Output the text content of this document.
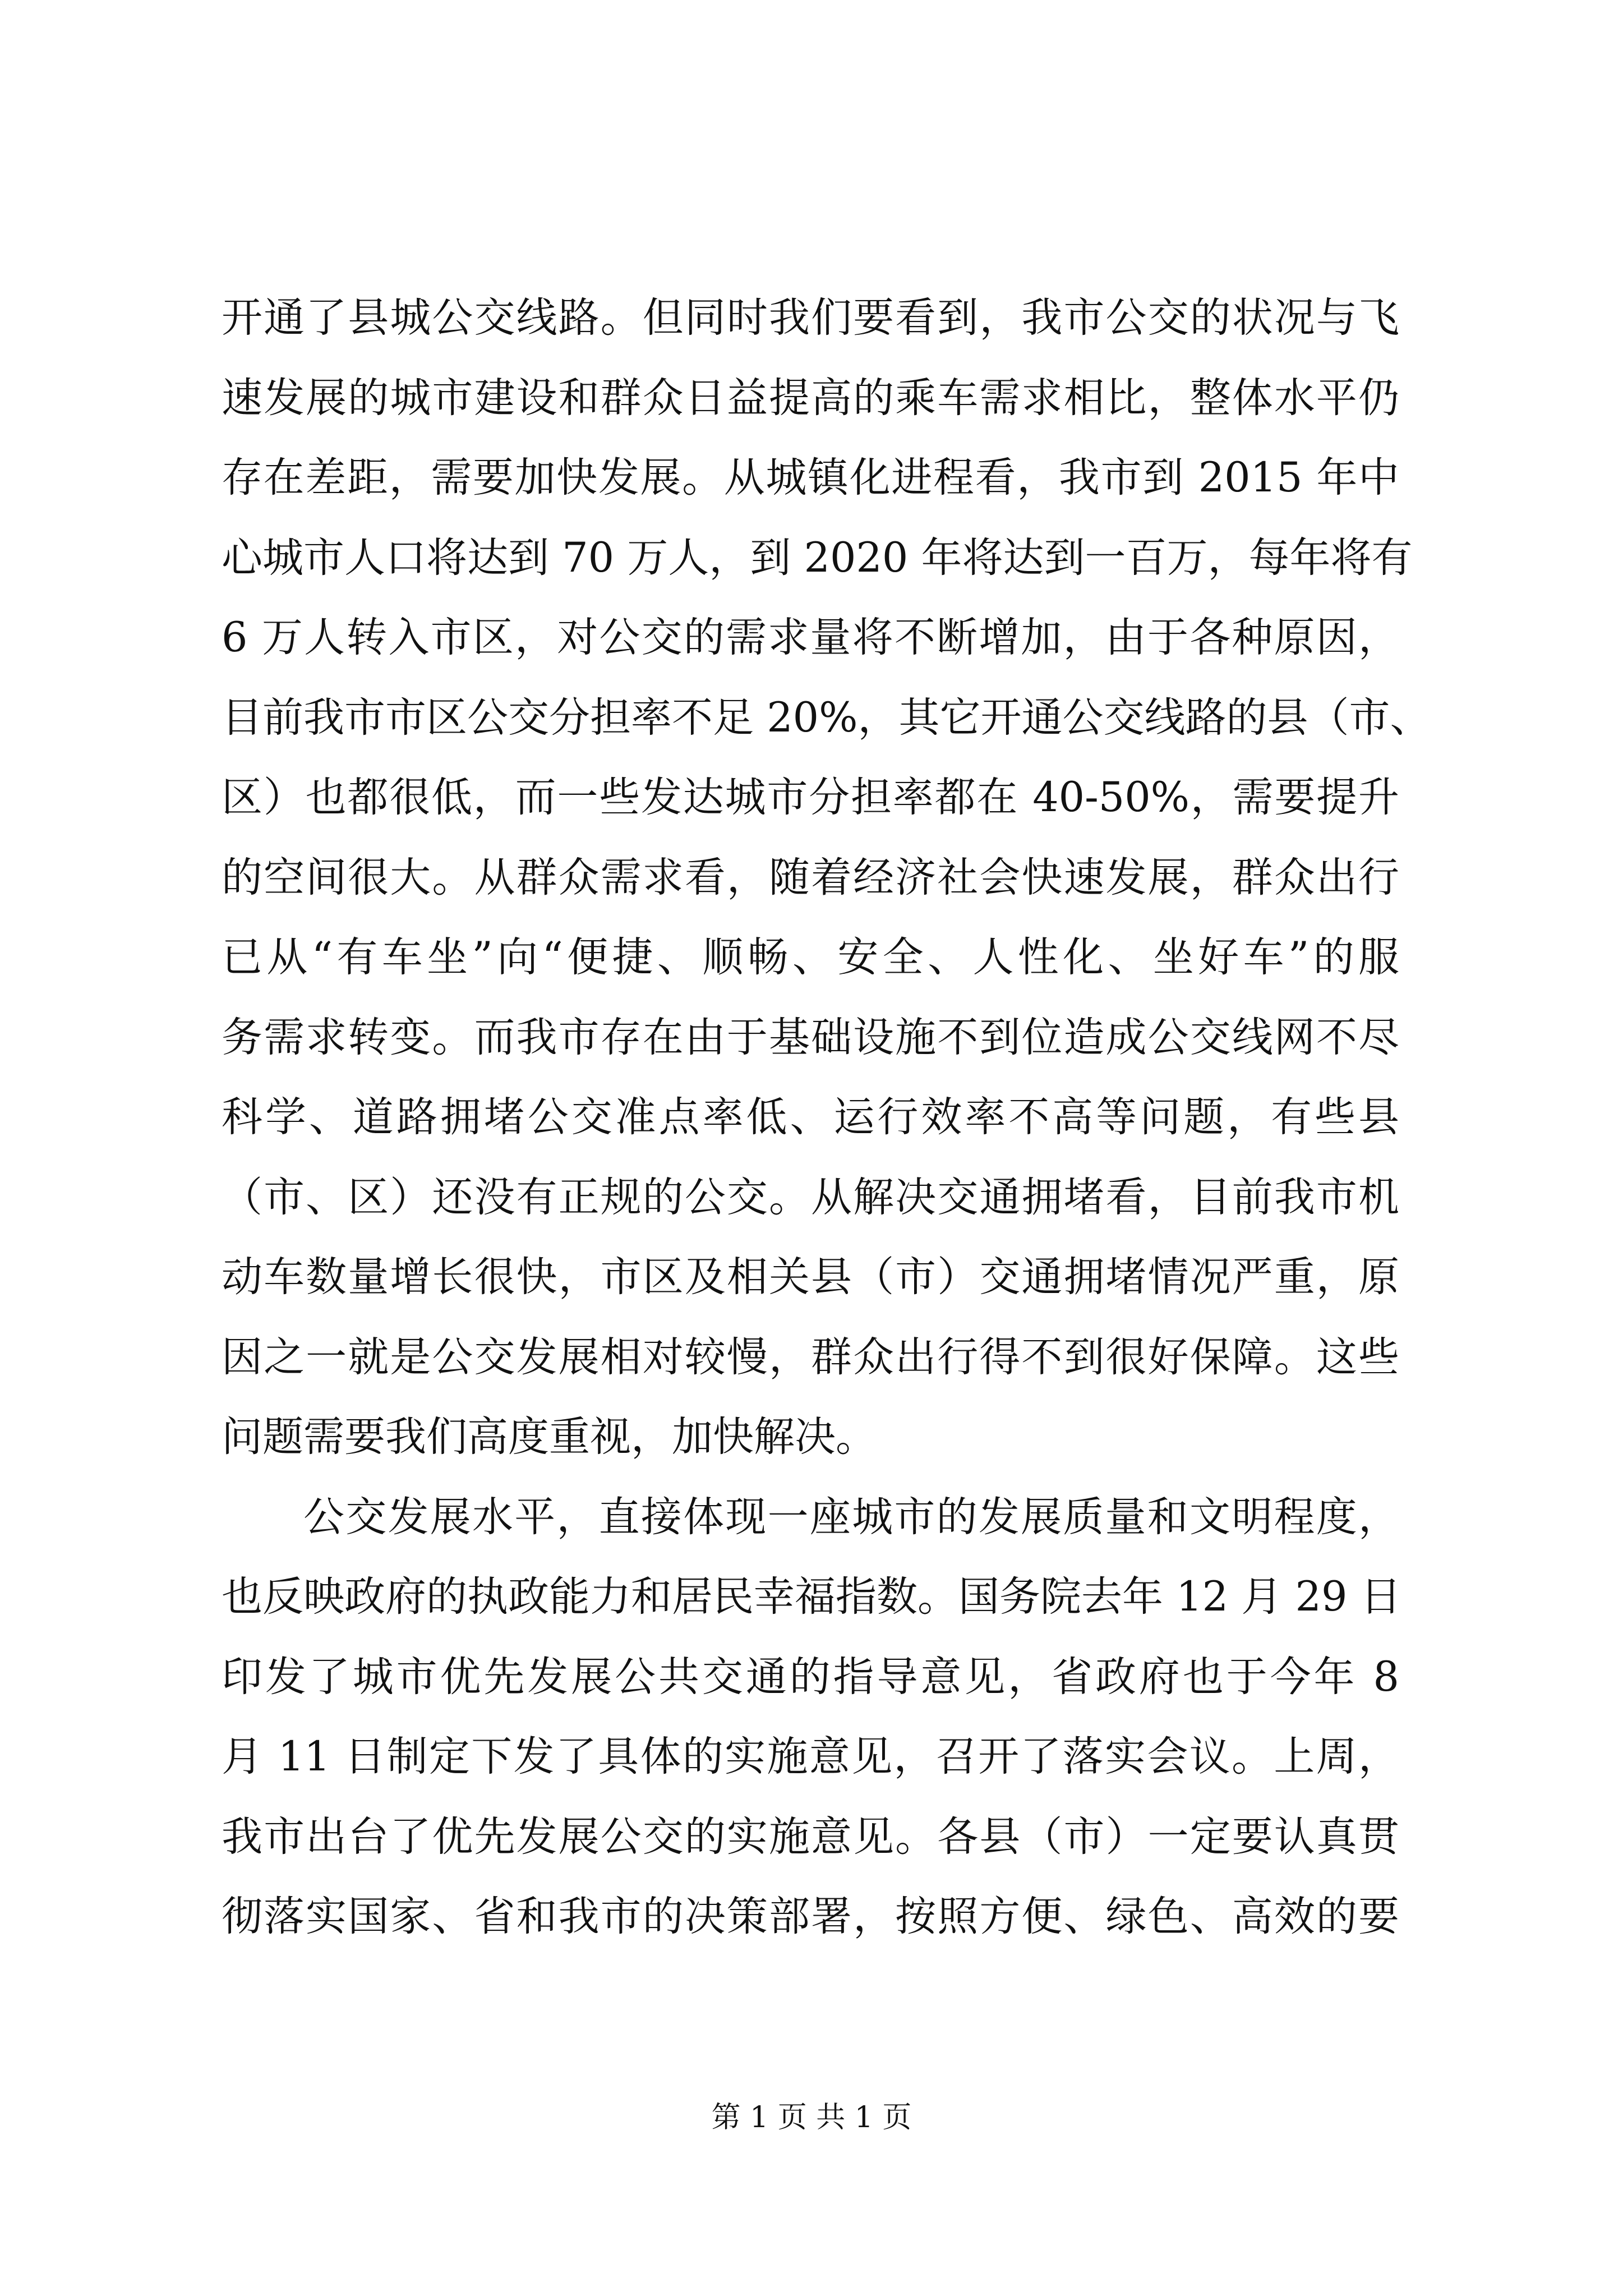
开通了县城公交线路。但同时我们要看到，我市公交的状况与飞
速发展的城市建设和群众日益提高的乘车需求相比，整体水平仍
存在差距，需要加快发展。从城镇化进程看，我市到 2015 年中
心城市人口将达到 70 万人，到 2020 年将达到一百万，每年将有
6 万人转入市区，对公交的需求量将不断增加，由于各种原因，
目前我市市区公交分担率不足 20%，其它开通公交线路的县（市、
区）也都很低，而一些发达城市分担率都在 40-50%，需要提升
的空间很大。从群众需求看，随着经济社会快速发展，群众出行
已从“有车坐”向“便捷、顺畅、安全、人性化、坐好车”的服
务需求转变。而我市存在由于基础设施不到位造成公交线网不尽
科学、道路拥堵公交准点率低、运行效率不高等问题，有些县
（市、区）还没有正规的公交。从解决交通拥堵看，目前我市机
动车数量增长很快，市区及相关县（市）交通拥堵情况严重，原
因之一就是公交发展相对较慢，群众出行得不到很好保障。这些
问题需要我们高度重视，加快解决。
公交发展水平，直接体现一座城市的发展质量和文明程度，
也反映政府的执政能力和居民幸福指数。国务院去年 12 月 29 日
印发了城市优先发展公共交通的指导意见，省政府也于今年 8
月 11 日制定下发了具体的实施意见，召开了落实会议。上周，
我市出台了优先发展公交的实施意见。各县（市）一定要认真贯
彻落实国家、省和我市的决策部署，按照方便、绿色、高效的要
第 1 页 共 1 页
